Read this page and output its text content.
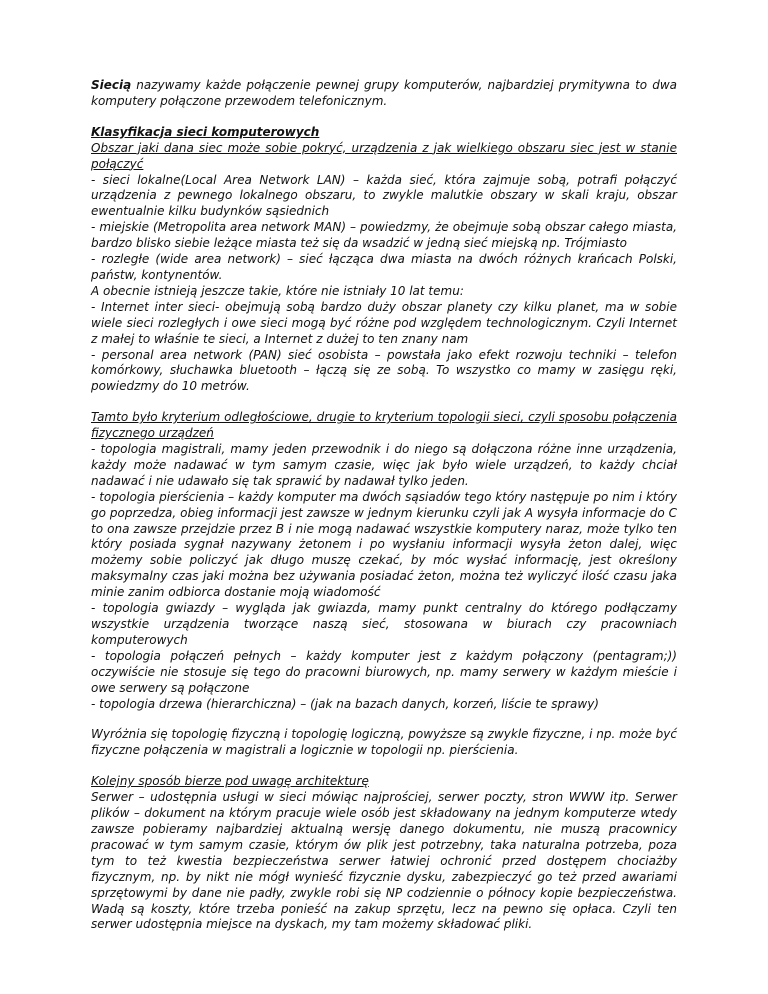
Siecią nazywamy każde połączenie pewnej grupy komputerów, najbardziej prymitywna to dwa komputery połączone przewodem telefonicznym.

Klasyfikacja sieci komputerowych

Obszar jaki dana siec może sobie pokryć, urządzenia z jak wielkiego obszaru siec jest w stanie połączyć

- sieci lokalne(Local Area Network LAN) – każda sieć, która zajmuje sobą, potrafi połączyć urządzenia z pewnego lokalnego obszaru, to zwykle malutkie obszary w skali kraju, obszar ewentualnie kilku budynków sąsiednich

- miejskie (Metropolita area network MAN) – powiedzmy, że obejmuje sobą obszar całego miasta, bardzo blisko siebie leżące miasta też się da wsadzić w jedną sieć miejską np. Trójmiasto

- rozległe (wide area network) – sieć łącząca dwa miasta na dwóch różnych krańcach Polski, państw, kontynentów.

A obecnie istnieją jeszcze takie, które nie istniały 10 lat temu:

- Internet inter sieci- obejmują sobą bardzo duży obszar planety czy kilku planet, ma w sobie wiele sieci rozległych i owe sieci mogą być różne pod względem technologicznym. Czyli Internet z małej to właśnie te sieci, a Internet z dużej to ten znany nam

- personal area network (PAN) sieć osobista – powstała jako efekt rozwoju techniki – telefon komórkowy, słuchawka bluetooth – łączą się ze sobą. To wszystko co mamy w zasięgu ręki, powiedzmy do 10 metrów.

Tamto było kryterium odległościowe, drugie to kryterium topologii sieci, czyli sposobu połączenia fizycznego urządzeń

- topologia magistrali, mamy jeden przewodnik i do niego są dołączona różne inne urządzenia, każdy może nadawać w tym samym czasie, więc jak było wiele urządzeń, to każdy chciał nadawać i nie udawało się tak sprawić by nadawał tylko jeden.

- topologia pierścienia – każdy komputer ma dwóch sąsiadów tego który następuje po nim i który go poprzedza, obieg informacji jest zawsze w jednym kierunku czyli jak A wysyła informacje do C to ona zawsze przejdzie przez B i nie mogą nadawać wszystkie komputery naraz, może tylko ten który posiada sygnał nazywany żetonem i po wysłaniu informacji wysyła żeton dalej, więc możemy sobie policzyć jak długo muszę czekać, by móc wysłać informację, jest określony maksymalny czas jaki można bez używania posiadać żeton, można też wyliczyć ilość czasu jaka minie zanim odbiorca dostanie moją wiadomość

- topologia gwiazdy – wygląda jak gwiazda, mamy punkt centralny do którego podłączamy wszystkie urządzenia tworzące naszą sieć, stosowana w biurach czy pracowniach komputerowych

- topologia połączeń pełnych – każdy komputer jest z każdym połączony (pentagram;)) oczywiście nie stosuje się tego do pracowni biurowych, np. mamy serwery w każdym mieście i owe serwery są połączone

- topologia drzewa (hierarchiczna) – (jak na bazach danych, korzeń, liście te sprawy)

Wyróżnia się topologię fizyczną i topologię logiczną, powyższe są zwykle fizyczne, i np. może być fizyczne połączenia w magistrali a logicznie w topologii np. pierścienia.

Kolejny sposób bierze pod uwagę architekturę

Serwer – udostępnia usługi w sieci mówiąc najprościej, serwer poczty, stron WWW itp. Serwer plików – dokument na którym pracuje wiele osób jest składowany na jednym komputerze wtedy zawsze pobieramy najbardziej aktualną wersję danego dokumentu, nie muszą pracownicy pracować w tym samym czasie, którym ów plik jest potrzebny, taka naturalna potrzeba, poza tym to też kwestia bezpieczeństwa serwer łatwiej ochronić przed dostępem chociażby fizycznym, np. by nikt nie mógł wynieść fizycznie dysku, zabezpieczyć go też przed awariami sprzętowymi by dane nie padły, zwykle robi się NP codziennie o północy kopie bezpieczeństwa. Wadą są koszty, które trzeba ponieść na zakup sprzętu, lecz na pewno się opłaca. Czyli ten serwer udostępnia miejsce na dyskach, my tam możemy składować pliki.
